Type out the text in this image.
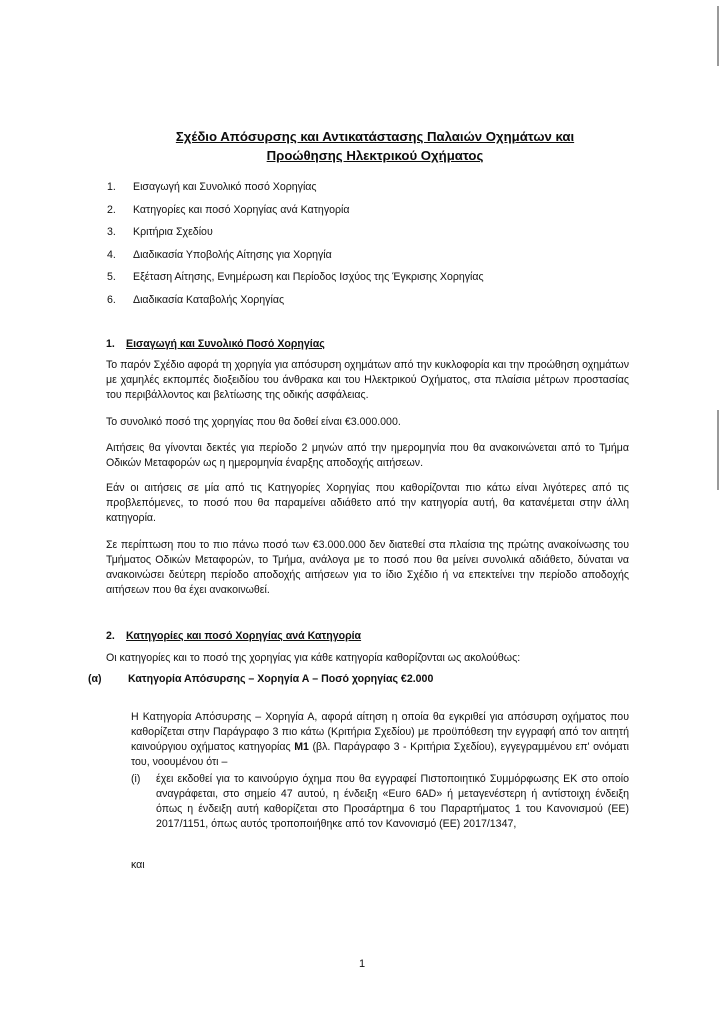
Σχέδιο Απόσυρσης και Αντικατάστασης Παλαιών Οχημάτων και
Προώθησης Ηλεκτρικού Οχήματος
1.	Εισαγωγή και Συνολικό ποσό Χορηγίας
2.	Κατηγορίες και ποσό Χορηγίας ανά Κατηγορία
3.	Κριτήρια Σχεδίου
4.	Διαδικασία Υποβολής Αίτησης για Χορηγία
5.	Εξέταση Αίτησης, Ενημέρωση και Περίοδος Ισχύος της Έγκρισης Χορηγίας
6.	Διαδικασία Καταβολής Χορηγίας
1. Εισαγωγή και Συνολικό Ποσό Χορηγίας

Το παρόν Σχέδιο αφορά τη χορηγία για απόσυρση οχημάτων από την κυκλοφορία και την προώθηση οχημάτων με χαμηλές εκπομπές διοξειδίου του άνθρακα και του Ηλεκτρικού Οχήματος, στα πλαίσια μέτρων προστασίας του περιβάλλοντος και βελτίωσης της οδικής ασφάλειας.

Το συνολικό ποσό της χορηγίας που θα δοθεί είναι €3.000.000.

Αιτήσεις θα γίνονται δεκτές για περίοδο 2 μηνών από την ημερομηνία που θα ανακοινώνεται από το Τμήμα Οδικών Μεταφορών ως η ημερομηνία έναρξης αποδοχής αιτήσεων.

Εάν οι αιτήσεις σε μία από τις Κατηγορίες Χορηγίας που καθορίζονται πιο κάτω είναι λιγότερες από τις προβλεπόμενες, το ποσό που θα παραμείνει αδιάθετο από την κατηγορία αυτή, θα κατανέμεται στην άλλη κατηγορία.

Σε περίπτωση που το πιο πάνω ποσό των €3.000.000 δεν διατεθεί στα πλαίσια της πρώτης ανακοίνωσης του Τμήματος Οδικών Μεταφορών, το Τμήμα, ανάλογα με το ποσό που θα μείνει συνολικά αδιάθετο, δύναται να ανακοινώσει δεύτερη περίοδο αποδοχής αιτήσεων για το ίδιο Σχέδιο ή να επεκτείνει την περίοδο αποδοχής αιτήσεων που θα έχει ανακοινωθεί.

2. Κατηγορίες και ποσό Χορηγίας ανά Κατηγορία

Οι κατηγορίες και το ποσό της χορηγίας για κάθε κατηγορία καθορίζονται ως ακολούθως:

(α)	Κατηγορία Απόσυρσης – Χορηγία Α – Ποσό χορηγίας €2.000

Η Κατηγορία Απόσυρσης – Χορηγία Α, αφορά αίτηση η οποία θα εγκριθεί για απόσυρση οχήματος που καθορίζεται στην Παράγραφο 3 πιο κάτω (Κριτήρια Σχεδίου) με προϋπόθεση την εγγραφή από τον αιτητή καινούργιου οχήματος κατηγορίας Μ1 (βλ. Παράγραφο 3 - Κριτήρια Σχεδίου), εγγεγραμμένου επ' ονόματι του, νοουμένου ότι –

(i)	έχει εκδοθεί για το καινούργιο όχημα που θα εγγραφεί Πιστοποιητικό Συμμόρφωσης ΕΚ στο οποίο αναγράφεται, στο σημείο 47 αυτού, η ένδειξη «Euro 6AD» ή μεταγενέστερη ή αντίστοιχη ένδειξη όπως η ένδειξη αυτή καθορίζεται στο Προσάρτημα 6 του Παραρτήματος 1 του Κανονισμού (ΕΕ) 2017/1151, όπως αυτός τροποποιήθηκε από τον Κανονισμό (ΕΕ) 2017/1347,
και
1
